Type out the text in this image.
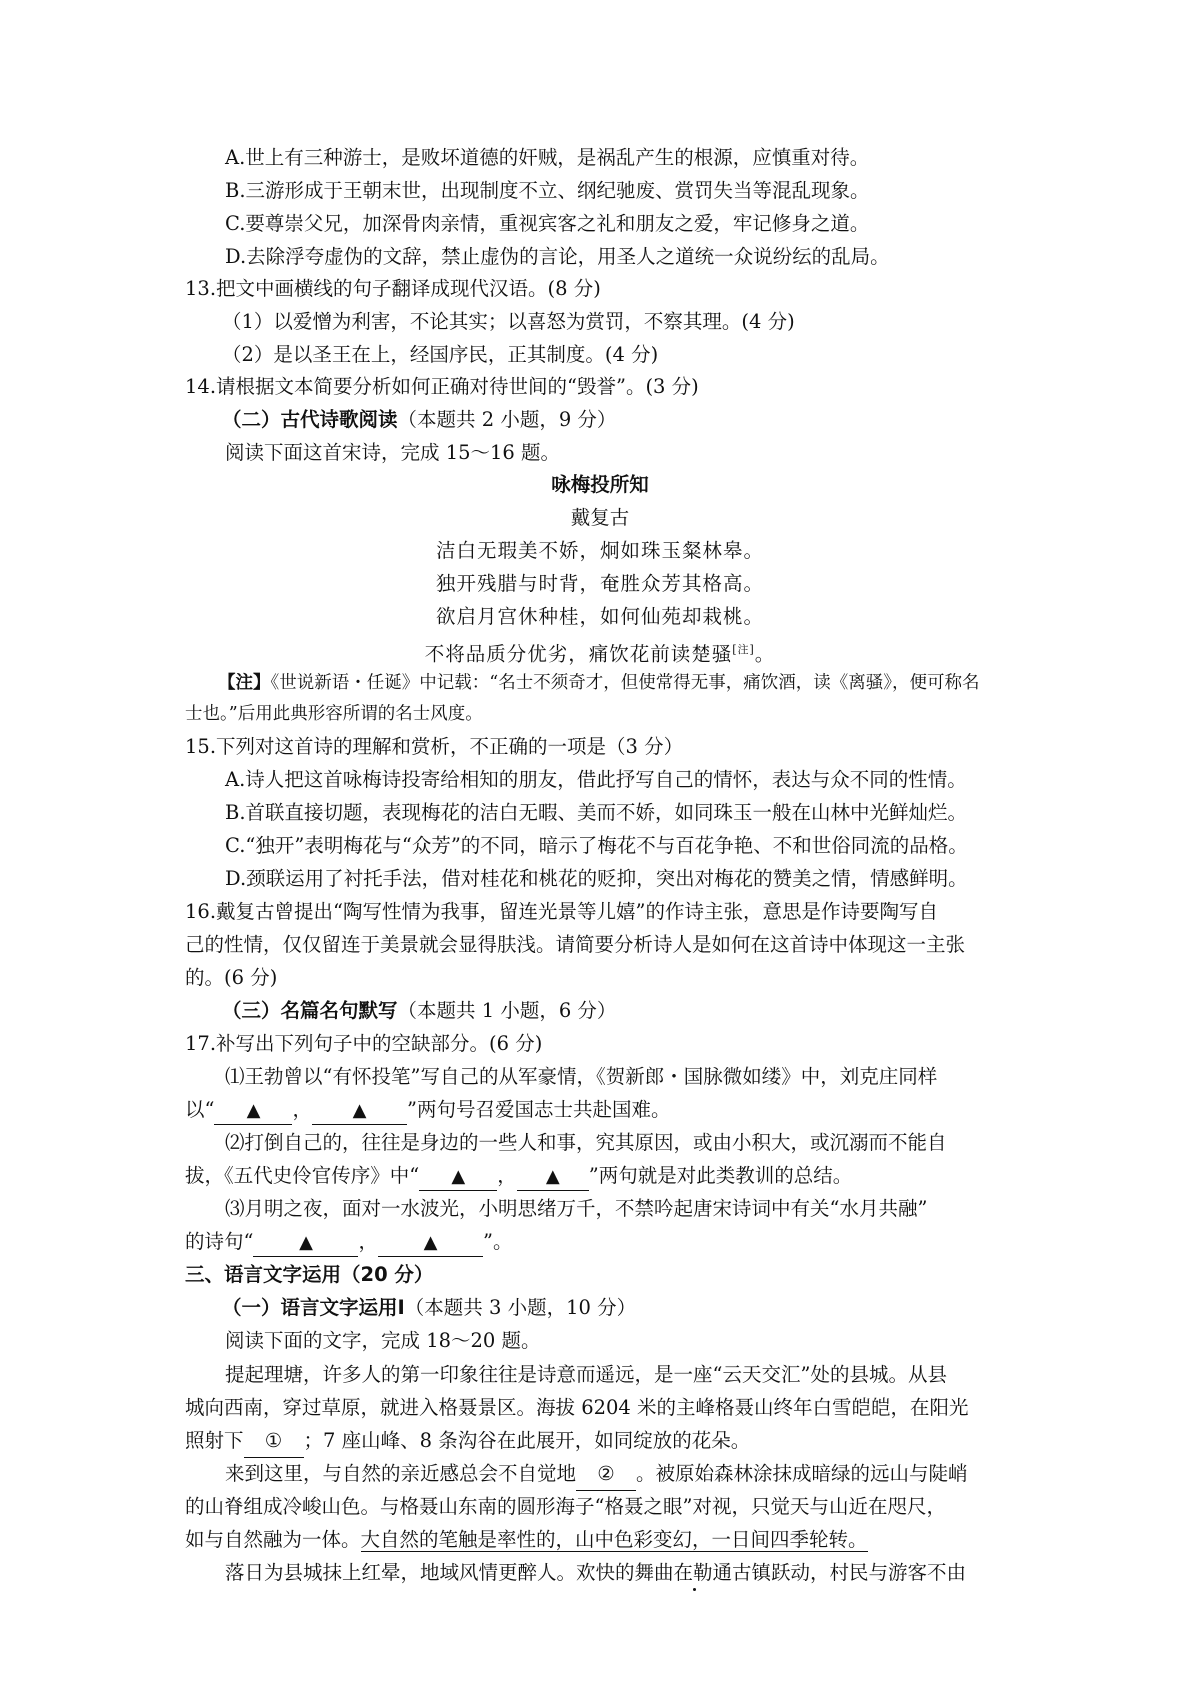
A.世上有三种游士，是败坏道德的奸贼，是祸乱产生的根源，应慎重对待。
B.三游形成于王朝末世，出现制度不立、纲纪驰废、赏罚失当等混乱现象。
C.要尊崇父兄，加深骨肉亲情，重视宾客之礼和朋友之爱，牢记修身之道。
D.去除浮夸虚伪的文辞，禁止虚伪的言论，用圣人之道统一众说纷纭的乱局。
13.把文中画横线的句子翻译成现代汉语。(8 分)
（1）以爱憎为利害，不论其实；以喜怒为赏罚，不察其理。(4 分)
（2）是以圣王在上，经国序民，正其制度。(4 分)
14.请根据文本简要分析如何正确对待世间的“毁誉”。(3 分)
（二）古代诗歌阅读（本题共 2 小题，9 分）
阅读下面这首宋诗，完成 15～16 题。
咏梅投所知
戴复古
洁白无瑕美不娇，炯如珠玉粲林皋。
独开残腊与时背，奄胜众芳其格高。
欲启月宫休种桂，如何仙苑却栽桃。
不将品质分优劣，痛饮花前读楚骚[注]。
【注】《世说新语・任诞》中记载：“名士不须奇才，但使常得无事，痛饮酒，读《离骚》，便可称名
士也。”后用此典形容所谓的名士风度。
15.下列对这首诗的理解和赏析，不正确的一项是（3 分）
A.诗人把这首咏梅诗投寄给相知的朋友，借此抒写自己的情怀，表达与众不同的性情。
B.首联直接切题，表现梅花的洁白无暇、美而不娇，如同珠玉一般在山林中光鲜灿烂。
C.“独开”表明梅花与“众芳”的不同，暗示了梅花不与百花争艳、不和世俗同流的品格。
D.颈联运用了衬托手法，借对桂花和桃花的贬抑，突出对梅花的赞美之情，情感鲜明。
16.戴复古曾提出“陶写性情为我事，留连光景等儿嬉”的作诗主张，意思是作诗要陶写自
己的性情，仅仅留连于美景就会显得肤浅。请简要分析诗人是如何在这首诗中体现这一主张
的。(6 分)
（三）名篇名句默写（本题共 1 小题，6 分）
17.补写出下列句子中的空缺部分。(6 分)
⑴王勃曾以“有怀投笔”写自己的从军豪情，《贺新郎・国脉微如缕》中，刘克庄同样
以“ ▲ ， ▲ ”两句号召爱国志士共赴国难。
⑵打倒自己的，往往是身边的一些人和事，究其原因，或由小积大，或沉溺而不能自
拔，《五代史伶官传序》中“ ▲ ， ▲ ”两句就是对此类教训的总结。
⑶月明之夜，面对一水波光，小明思绪万千，不禁吟起唐宋诗词中有关“水月共融”
的诗句“	▲ ，	▲ ”。
三、语言文字运用（20 分）
（一）语言文字运用Ⅰ（本题共 3 小题，10 分）
阅读下面的文字，完成 18～20 题。
提起理塘，许多人的第一印象往往是诗意而遥远，是一座“云天交汇”处的县城。从县
城向西南，穿过草原，就进入格聂景区。海拔 6204 米的主峰格聂山终年白雪皑皑，在阳光
照射下 ① ；7 座山峰、8 条沟谷在此展开，如同绽放的花朵。
来到这里，与自然的亲近感总会不自觉地 ② 。被原始森林涂抹成暗绿的远山与陡峭
的山脊组成冷峻山色。与格聂山东南的圆形海子“格聂之眼”对视，只觉天与山近在咫尺，
如与自然融为一体。大自然的笔触是率性的，山中色彩变幻，一日间四季轮转。
落日为县城抹上红晕，地域风情更醉人。欢快的舞曲在勒通古镇跃动，村民与游客不由
